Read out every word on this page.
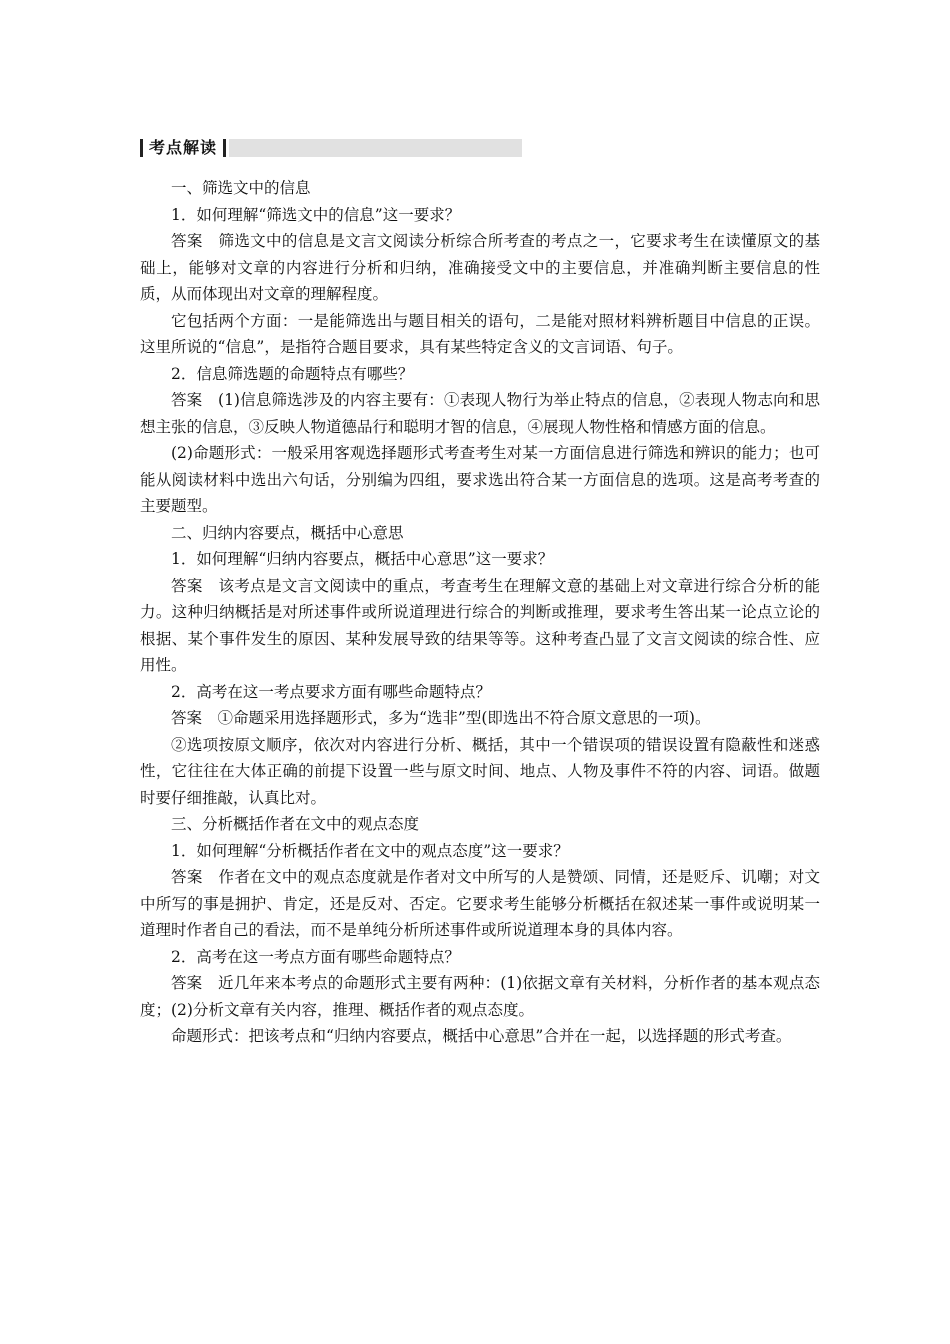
考点解读

一、筛选文中的信息

1．如何理解“筛选文中的信息”这一要求？

答案　筛选文中的信息是文言文阅读分析综合所考查的考点之一，它要求考生在读懂原文的基础上，能够对文章的内容进行分析和归纳，准确接受文中的主要信息，并准确判断主要信息的性质，从而体现出对文章的理解程度。

它包括两个方面：一是能筛选出与题目相关的语句，二是能对照材料辨析题目中信息的正误。这里所说的“信息”，是指符合题目要求，具有某些特定含义的文言词语、句子。

2．信息筛选题的命题特点有哪些？

答案　(1)信息筛选涉及的内容主要有：①表现人物行为举止特点的信息，②表现人物志向和思想主张的信息，③反映人物道德品行和聪明才智的信息，④展现人物性格和情感方面的信息。

(2)命题形式：一般采用客观选择题形式考查考生对某一方面信息进行筛选和辨识的能力；也可能从阅读材料中选出六句话，分别编为四组，要求选出符合某一方面信息的选项。这是高考考查的主要题型。

二、归纳内容要点，概括中心意思

1．如何理解“归纳内容要点，概括中心意思”这一要求？

答案　该考点是文言文阅读中的重点，考查考生在理解文意的基础上对文章进行综合分析的能力。这种归纳概括是对所述事件或所说道理进行综合的判断或推理，要求考生答出某一论点立论的根据、某个事件发生的原因、某种发展导致的结果等等。这种考查凸显了文言文阅读的综合性、应用性。

2．高考在这一考点要求方面有哪些命题特点？

答案　①命题采用选择题形式，多为“选非”型(即选出不符合原文意思的一项)。

②选项按原文顺序，依次对内容进行分析、概括，其中一个错误项的错误设置有隐蔽性和迷惑性，它往往在大体正确的前提下设置一些与原文时间、地点、人物及事件不符的内容、词语。做题时要仔细推敲，认真比对。

三、分析概括作者在文中的观点态度

1．如何理解“分析概括作者在文中的观点态度”这一要求？

答案　作者在文中的观点态度就是作者对文中所写的人是赞颂、同情，还是贬斥、讥嘲；对文中所写的事是拥护、肯定，还是反对、否定。它要求考生能够分析概括在叙述某一事件或说明某一道理时作者自己的看法，而不是单纯分析所述事件或所说道理本身的具体内容。

2．高考在这一考点方面有哪些命题特点？

答案　近几年来本考点的命题形式主要有两种：(1)依据文章有关材料，分析作者的基本观点态度；(2)分析文章有关内容，推理、概括作者的观点态度。

命题形式：把该考点和“归纳内容要点，概括中心意思”合并在一起，以选择题的形式考查。
